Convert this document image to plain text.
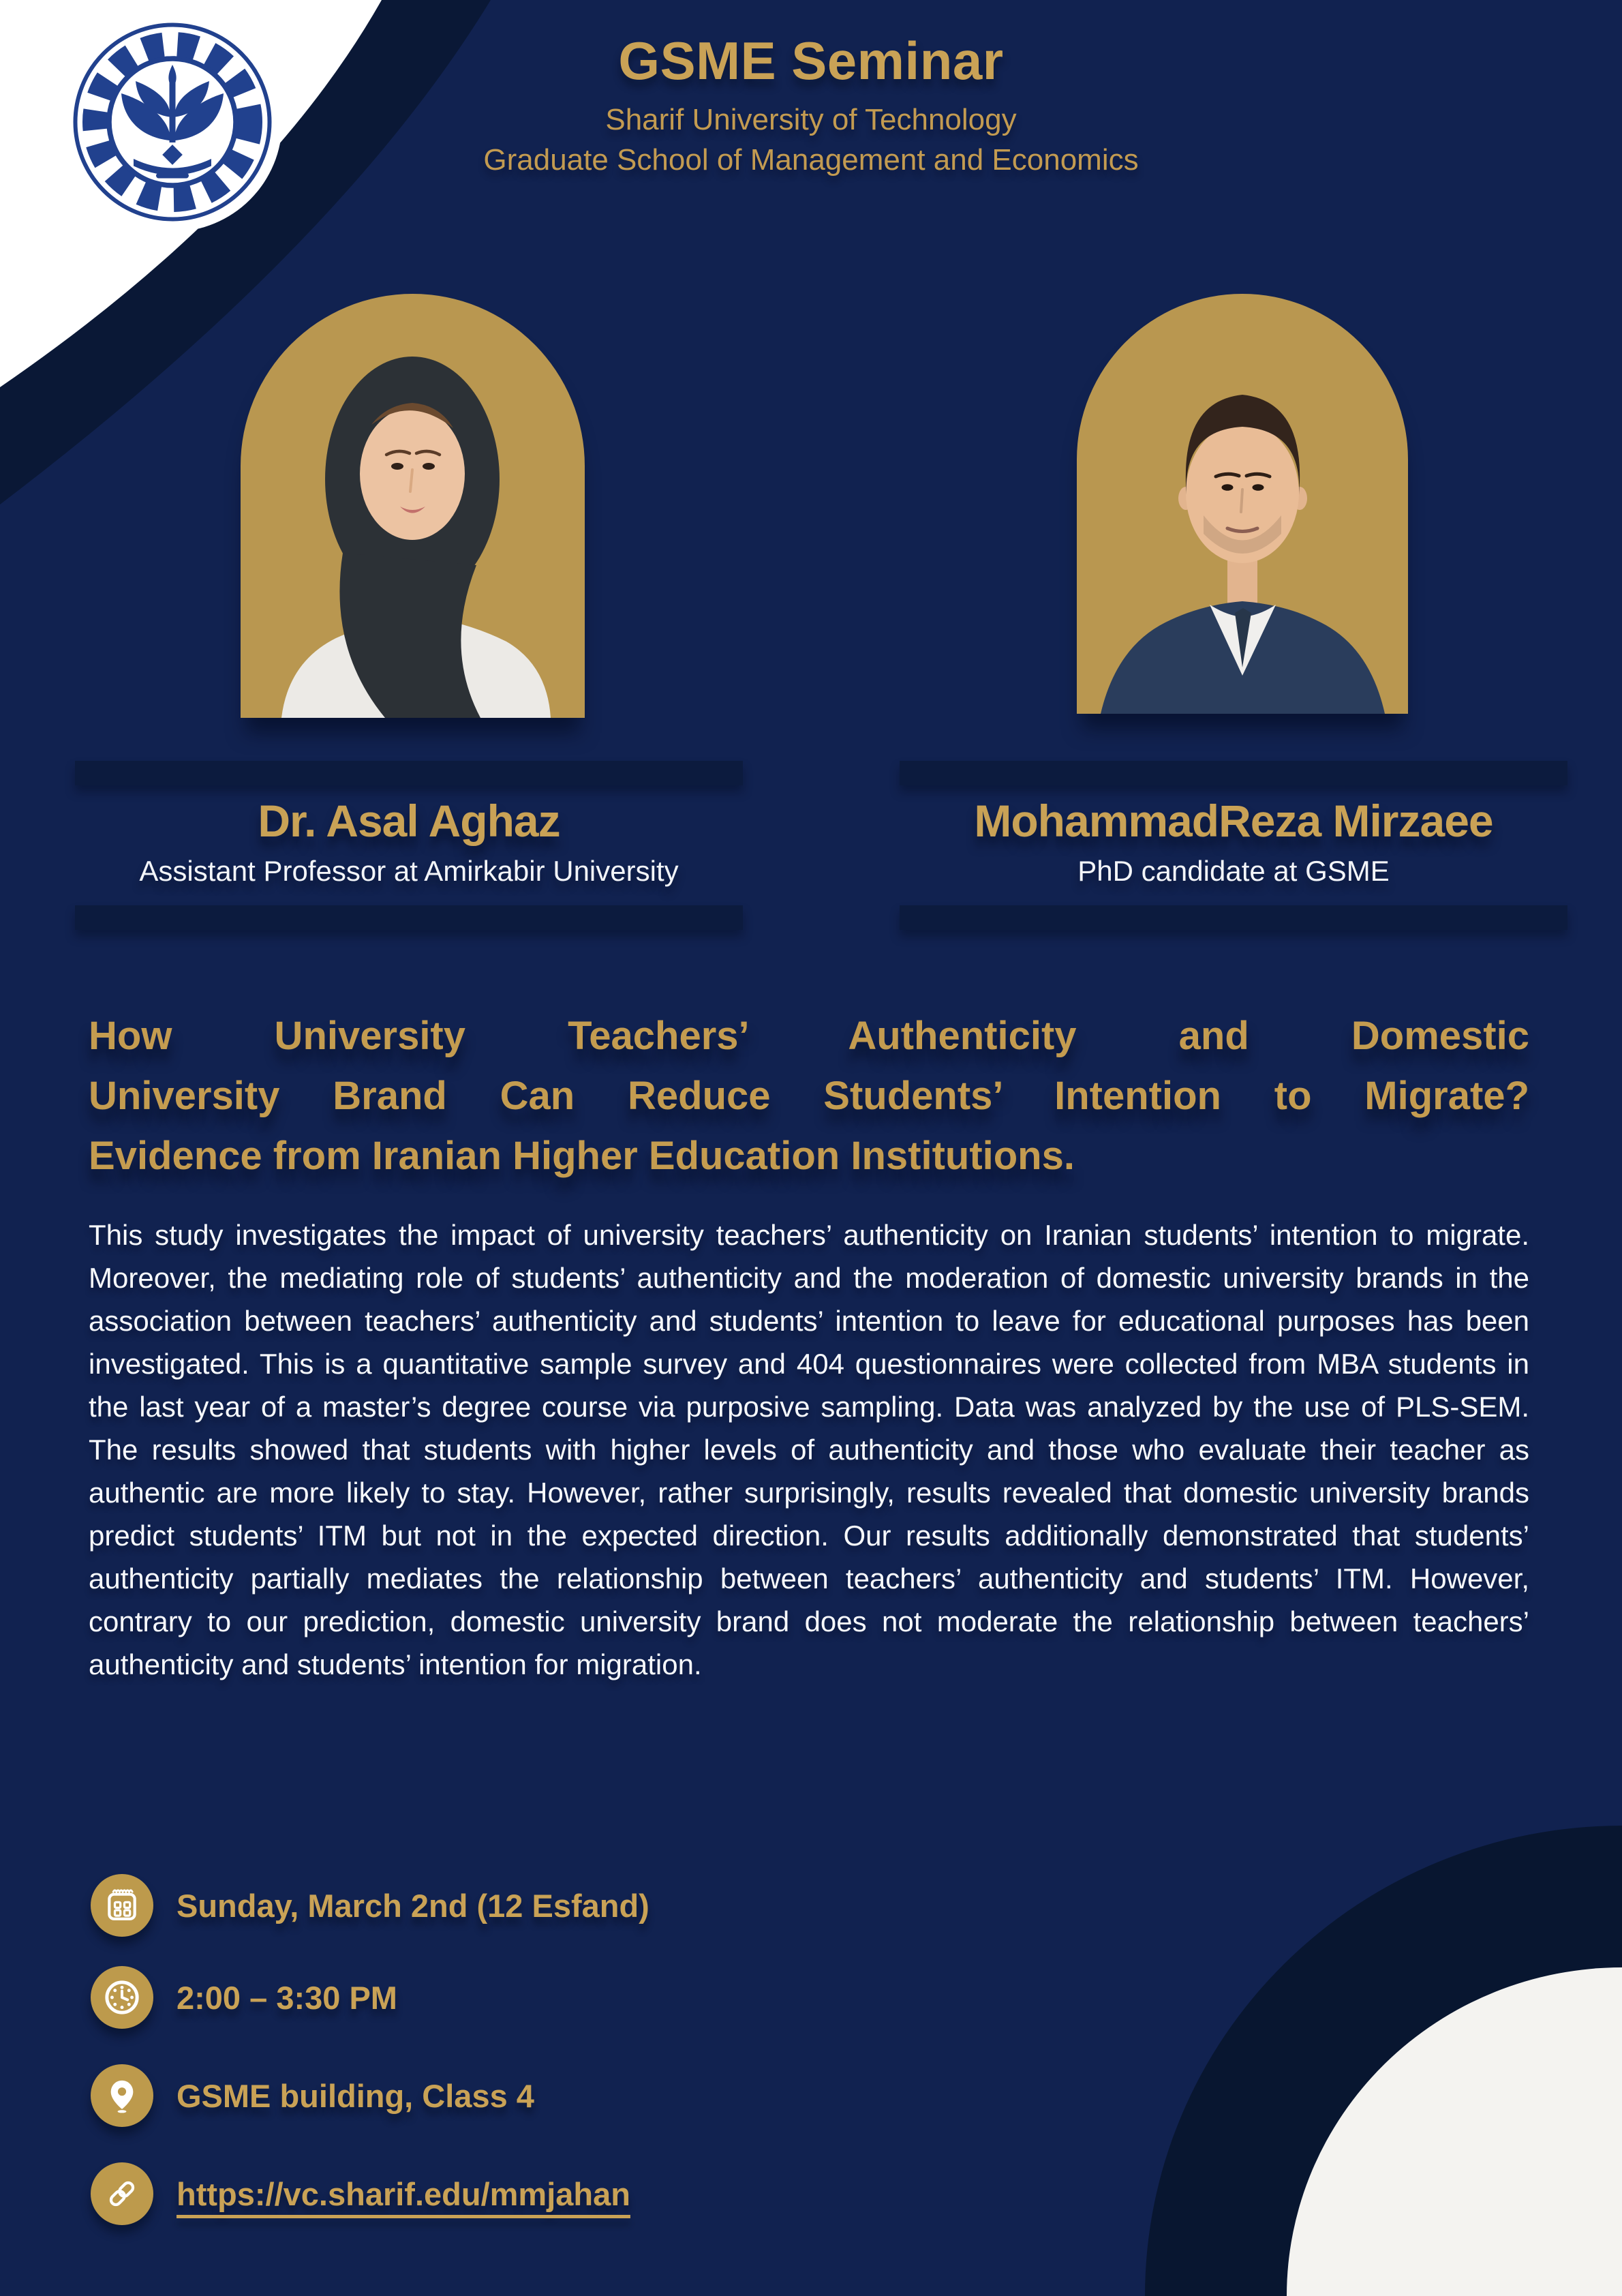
GSME Seminar
Sharif University of Technology
Graduate School of Management and Economics
Dr. Asal Aghaz
Assistant Professor at Amirkabir University
MohammadReza Mirzaee
PhD candidate at GSME
How University Teachers’ Authenticity and Domestic
University Brand Can Reduce Students’ Intention to Migrate?
Evidence from Iranian Higher Education Institutions.

This study investigates the impact of university teachers’ authenticity on Iranian students’ intention to migrate. Moreover, the mediating role of students’ authenticity and the moderation of domestic university brands in the association between teachers’ authenticity and students’ intention to leave for educational purposes has been investigated. This is a quantitative sample survey and 404 questionnaires were collected from MBA students in the last year of a master’s degree course via purposive sampling. Data was analyzed by the use of PLS-SEM. The results showed that students with higher levels of authenticity and those who evaluate their teacher as authentic are more likely to stay. However, rather surprisingly, results revealed that domestic university brands predict students’ ITM but not in the expected direction. Our results additionally demonstrated that students’ authenticity partially mediates the relationship between teachers’ authenticity and students’ ITM. However, contrary to our prediction, domestic university brand does not moderate the relationship between teachers’ authenticity and students’ intention for migration.

Sunday, March 2nd (12 Esfand)
2:00 – 3:30 PM
GSME building, Class 4
https://vc.sharif.edu/mmjahan
